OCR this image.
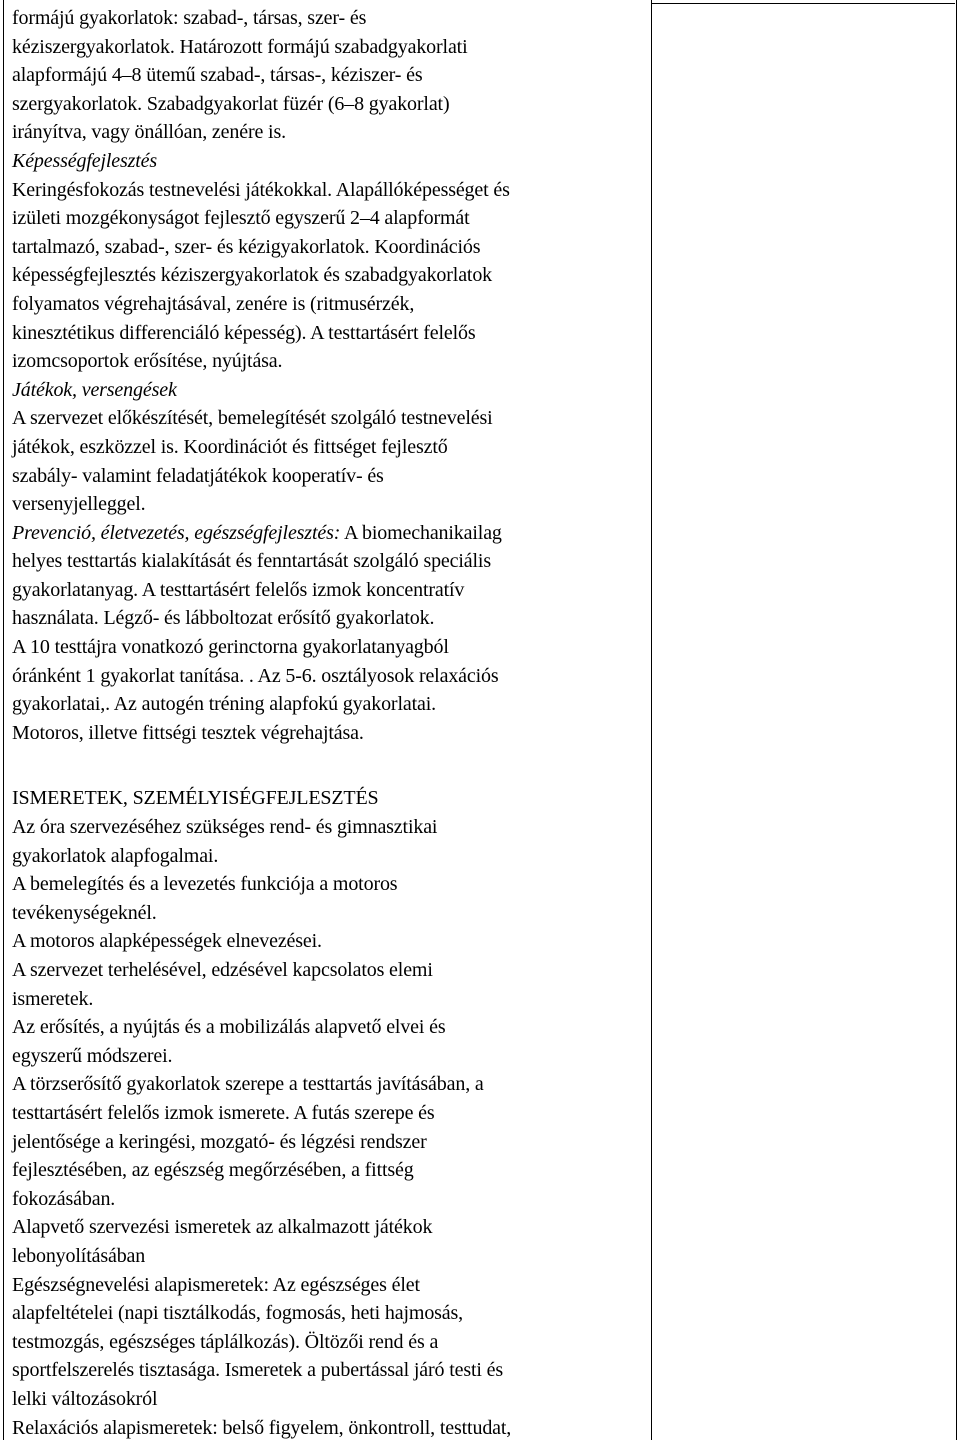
formájú gyakorlatok: szabad-, társas, szer- és
kéziszergyakorlatok. Határozott formájú szabadgyakorlati
alapformájú 4–8 ütemű szabad-, társas-, kéziszer- és
szergyakorlatok. Szabadgyakorlat füzér (6–8 gyakorlat)
irányítva, vagy önállóan, zenére is.
Képességfejlesztés
Keringésfokozás testnevelési játékokkal. Alapállóképességet és
izületi mozgékonyságot fejlesztő egyszerű 2–4 alapformát
tartalmazó, szabad-, szer- és kézigyakorlatok. Koordinációs
képességfejlesztés kéziszergyakorlatok és szabadgyakorlatok
folyamatos végrehajtásával, zenére is (ritmusérzék,
kinesztétikus differenciáló képesség). A testtartásért felelős
izomcsoportok erősítése, nyújtása.
Játékok, versengések
A szervezet előkészítését, bemelegítését szolgáló testnevelési
játékok, eszközzel is. Koordinációt és fittséget fejlesztő
szabály- valamint feladatjátékok kooperatív- és
versenyjelleggel.
Prevenció, életvezetés, egészségfejlesztés: A biomechanikailag
helyes testtartás kialakítását és fenntartását szolgáló speciális
gyakorlatanyag. A testtartásért felelős izmok koncentratív
használata. Légző- és lábboltozat erősítő gyakorlatok.
A 10 testtájra vonatkozó gerinctorna gyakorlatanyagból
óránként 1 gyakorlat tanítása. . Az 5-6. osztályosok relaxációs
gyakorlatai,. Az autogén tréning alapfokú gyakorlatai.
Motoros, illetve fittségi tesztek végrehajtása.
ISMERETEK, SZEMÉLYISÉGFEJLESZTÉS
Az óra szervezéséhez szükséges rend- és gimnasztikai
gyakorlatok alapfogalmai.
A bemelegítés és a levezetés funkciója a motoros
tevékenységeknél.
A motoros alapképességek elnevezései.
A szervezet terhelésével, edzésével kapcsolatos elemi
ismeretek.
Az erősítés, a nyújtás és a mobilizálás alapvető elvei és
egyszerű módszerei.
A törzserősítő gyakorlatok szerepe a testtartás javításában, a
testtartásért felelős izmok ismerete. A futás szerepe és
jelentősége a keringési, mozgató- és légzési rendszer
fejlesztésében, az egészség megőrzésében, a fittség
fokozásában.
Alapvető szervezési ismeretek az alkalmazott játékok
lebonyolításában
Egészségnevelési alapismeretek: Az egészséges élet
alapfeltételei (napi tisztálkodás, fogmosás, heti hajmosás,
testmozgás, egészséges táplálkozás). Öltözői rend és a
sportfelszerelés tisztasága. Ismeretek a pubertással járó testi és
lelki változásokról
Relaxációs alapismeretek: belső figyelem, önkontroll, testtudat,
